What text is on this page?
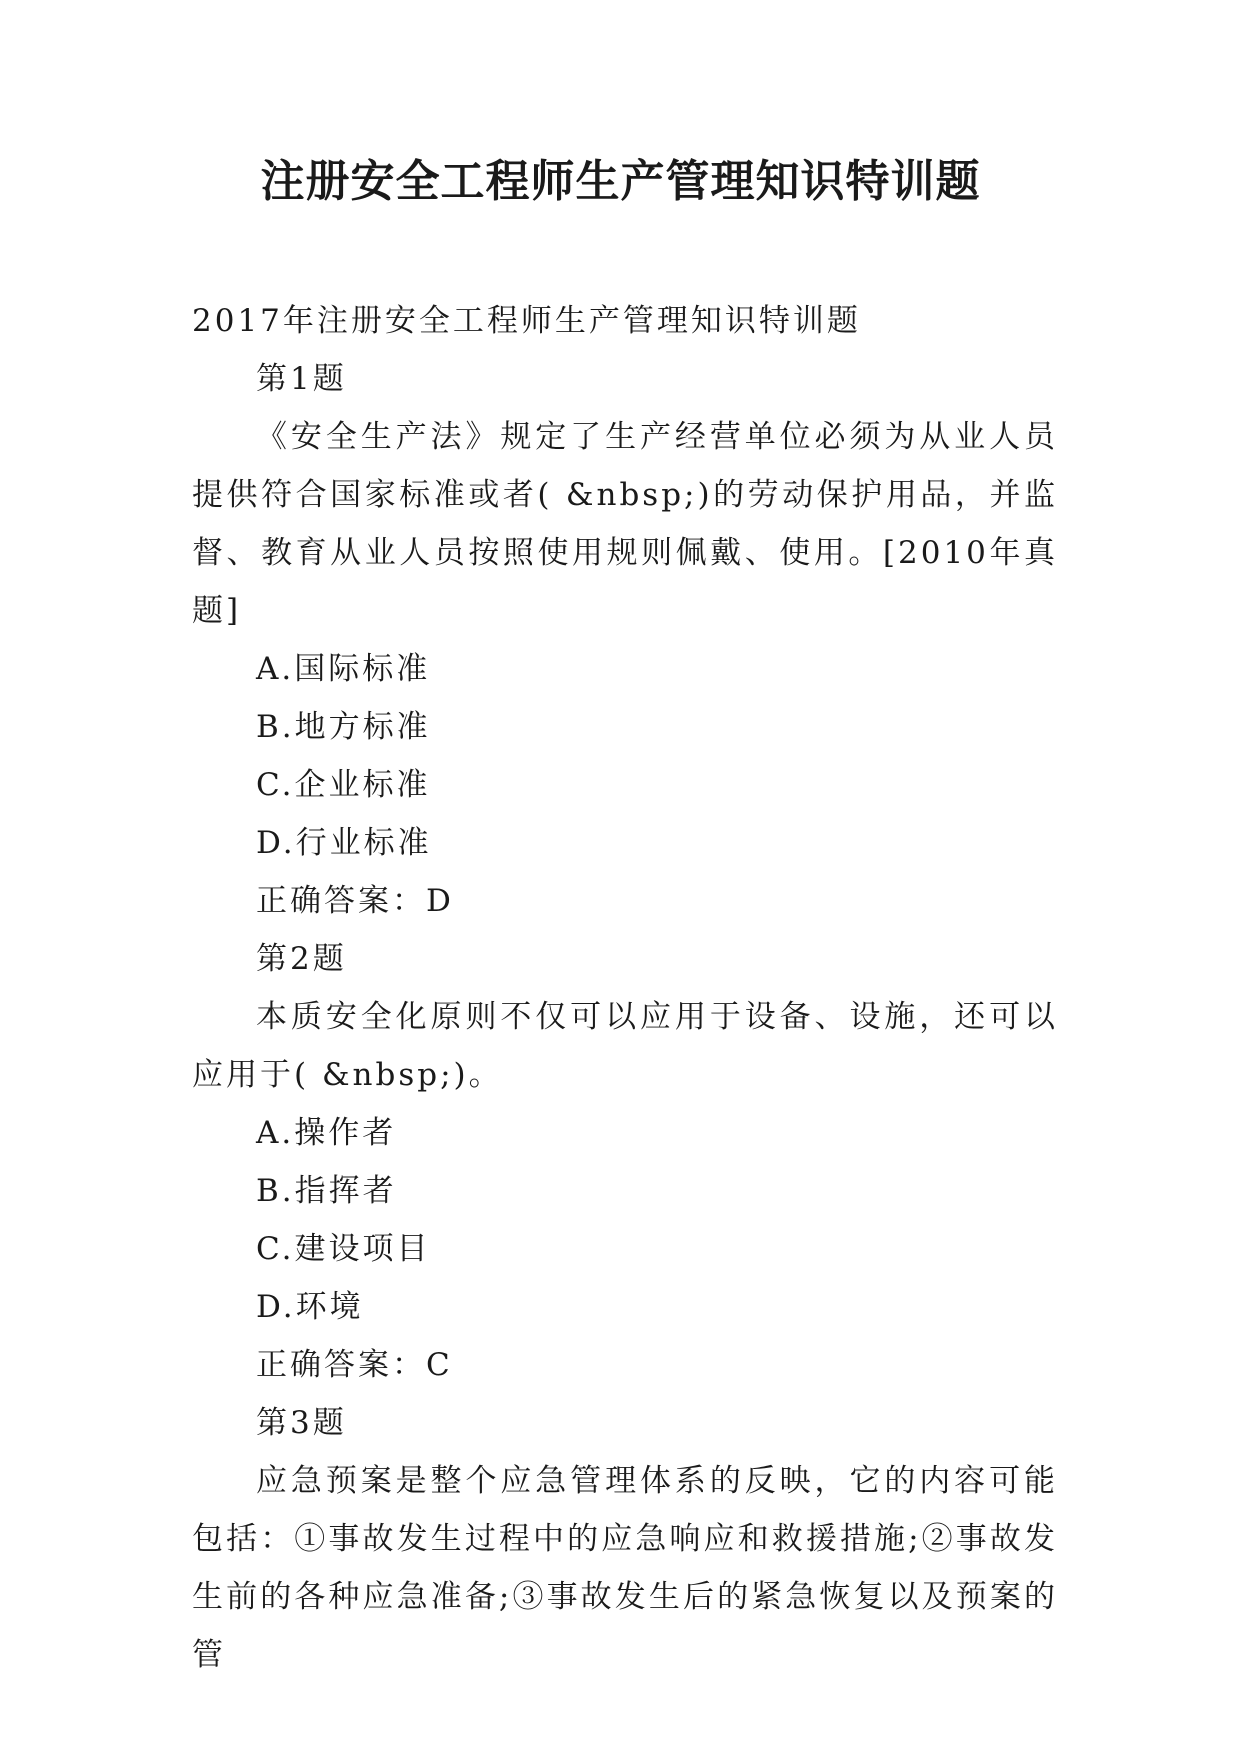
注册安全工程师生产管理知识特训题
2017年注册安全工程师生产管理知识特训题
第1题
《安全生产法》规定了生产经营单位必须为从业人员提供符合国家标准或者( &nbsp;)的劳动保护用品，并监督、教育从业人员按照使用规则佩戴、使用。[2010年真题]
A.国际标准
B.地方标准
C.企业标准
D.行业标准
正确答案：D
第2题
本质安全化原则不仅可以应用于设备、设施，还可以应用于( &nbsp;)。
A.操作者
B.指挥者
C.建设项目
D.环境
正确答案：C
第3题
应急预案是整个应急管理体系的反映，它的内容可能包括：①事故发生过程中的应急响应和救援措施;②事故发生前的各种应急准备;③事故发生后的紧急恢复以及预案的管
